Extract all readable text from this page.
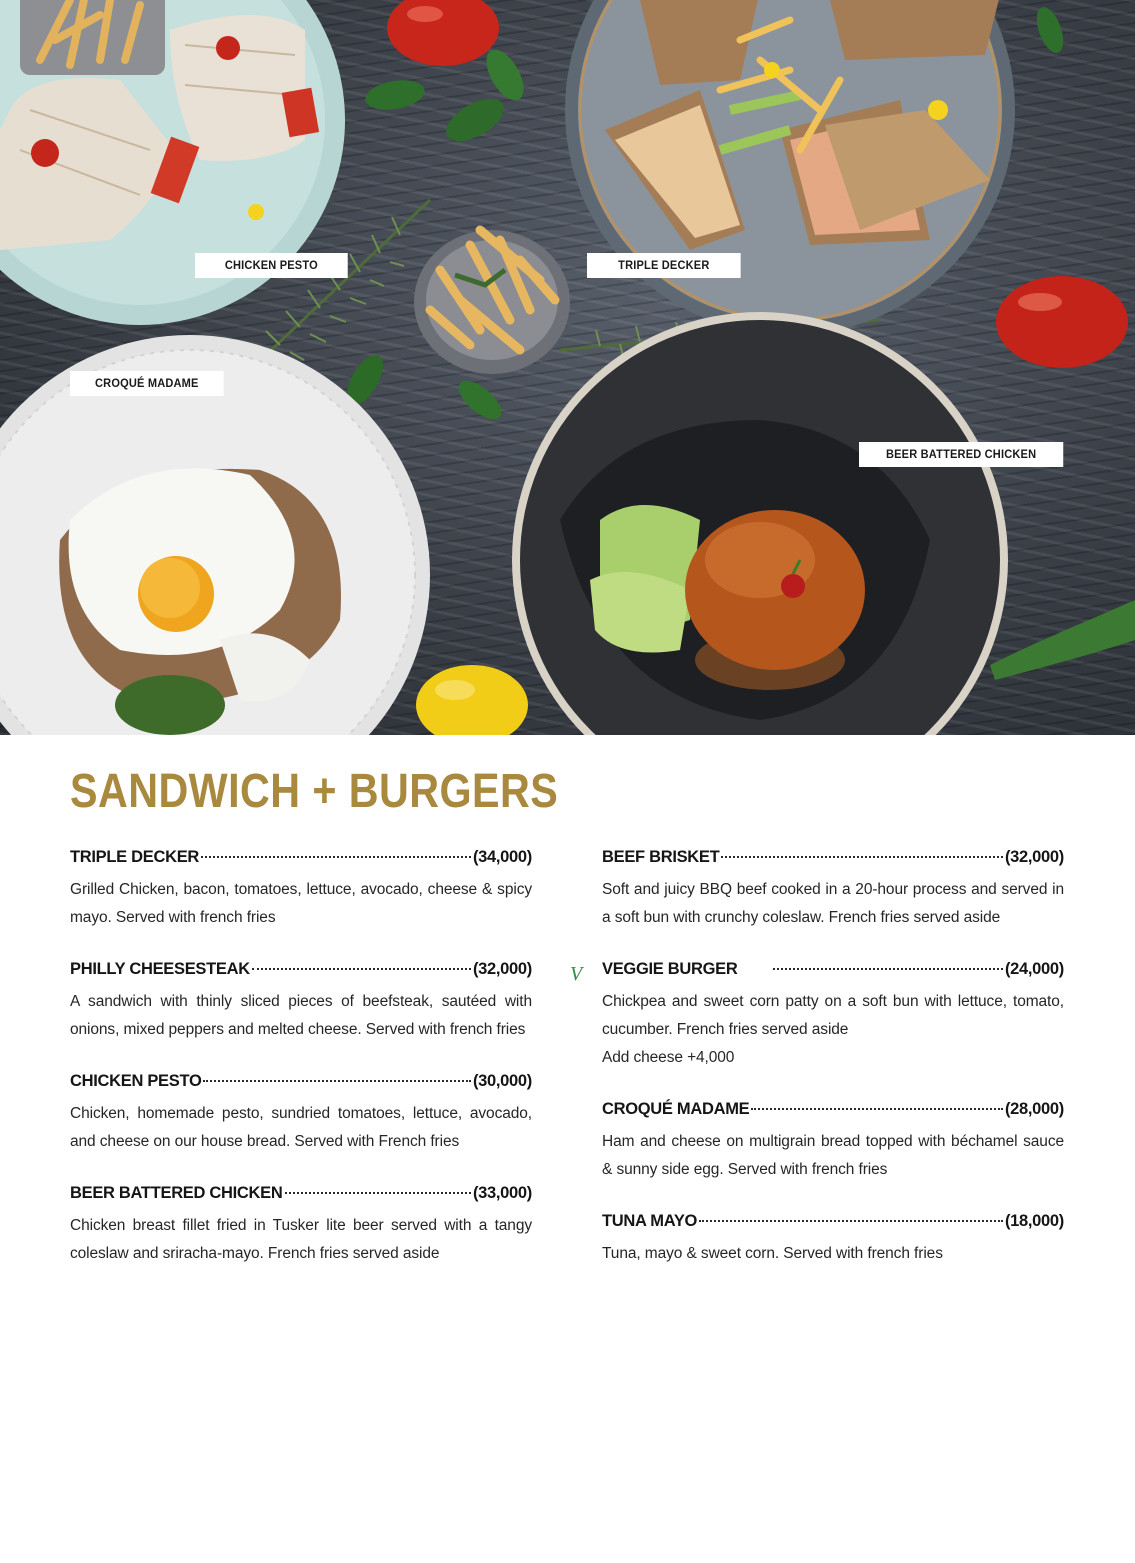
CHICKEN PESTO	TRIPLE DECKER
CROQUÉ MADAME
BEER BATTERED CHICKEN
SANDWICH + BURGERS
TRIPLE DECKER	(34,000)

Grilled Chicken, bacon, tomatoes, lettuce, avocado, cheese & spicy mayo. Served with french fries

PHILLY CHEESESTEAK	(32,000)

A sandwich with thinly sliced pieces of beefsteak, sautéed with onions, mixed peppers and melted cheese. Served with french fries

CHICKEN PESTO	(30,000)

Chicken, homemade pesto, sundried tomatoes, lettuce, avocado, and cheese on our house bread. Served with French fries

BEER BATTERED CHICKEN	(33,000)

Chicken breast fillet fried in Tusker lite beer served with a tangy coleslaw and sriracha-mayo. French fries served aside

BEEF BRISKET	(32,000)

Soft and juicy BBQ beef cooked in a 20-hour process and served in a soft bun with crunchy coleslaw. French fries served aside

V VEGGIE BURGER	(24,000)

Chickpea and sweet corn patty on a soft bun with lettuce, tomato, cucumber. French fries served aside

Add cheese +4,000

CROQUÉ MADAME	(28,000)

Ham and cheese on multigrain bread topped with béchamel sauce & sunny side egg. Served with french fries

TUNA MAYO	(18,000)

Tuna, mayo & sweet corn. Served with french fries
